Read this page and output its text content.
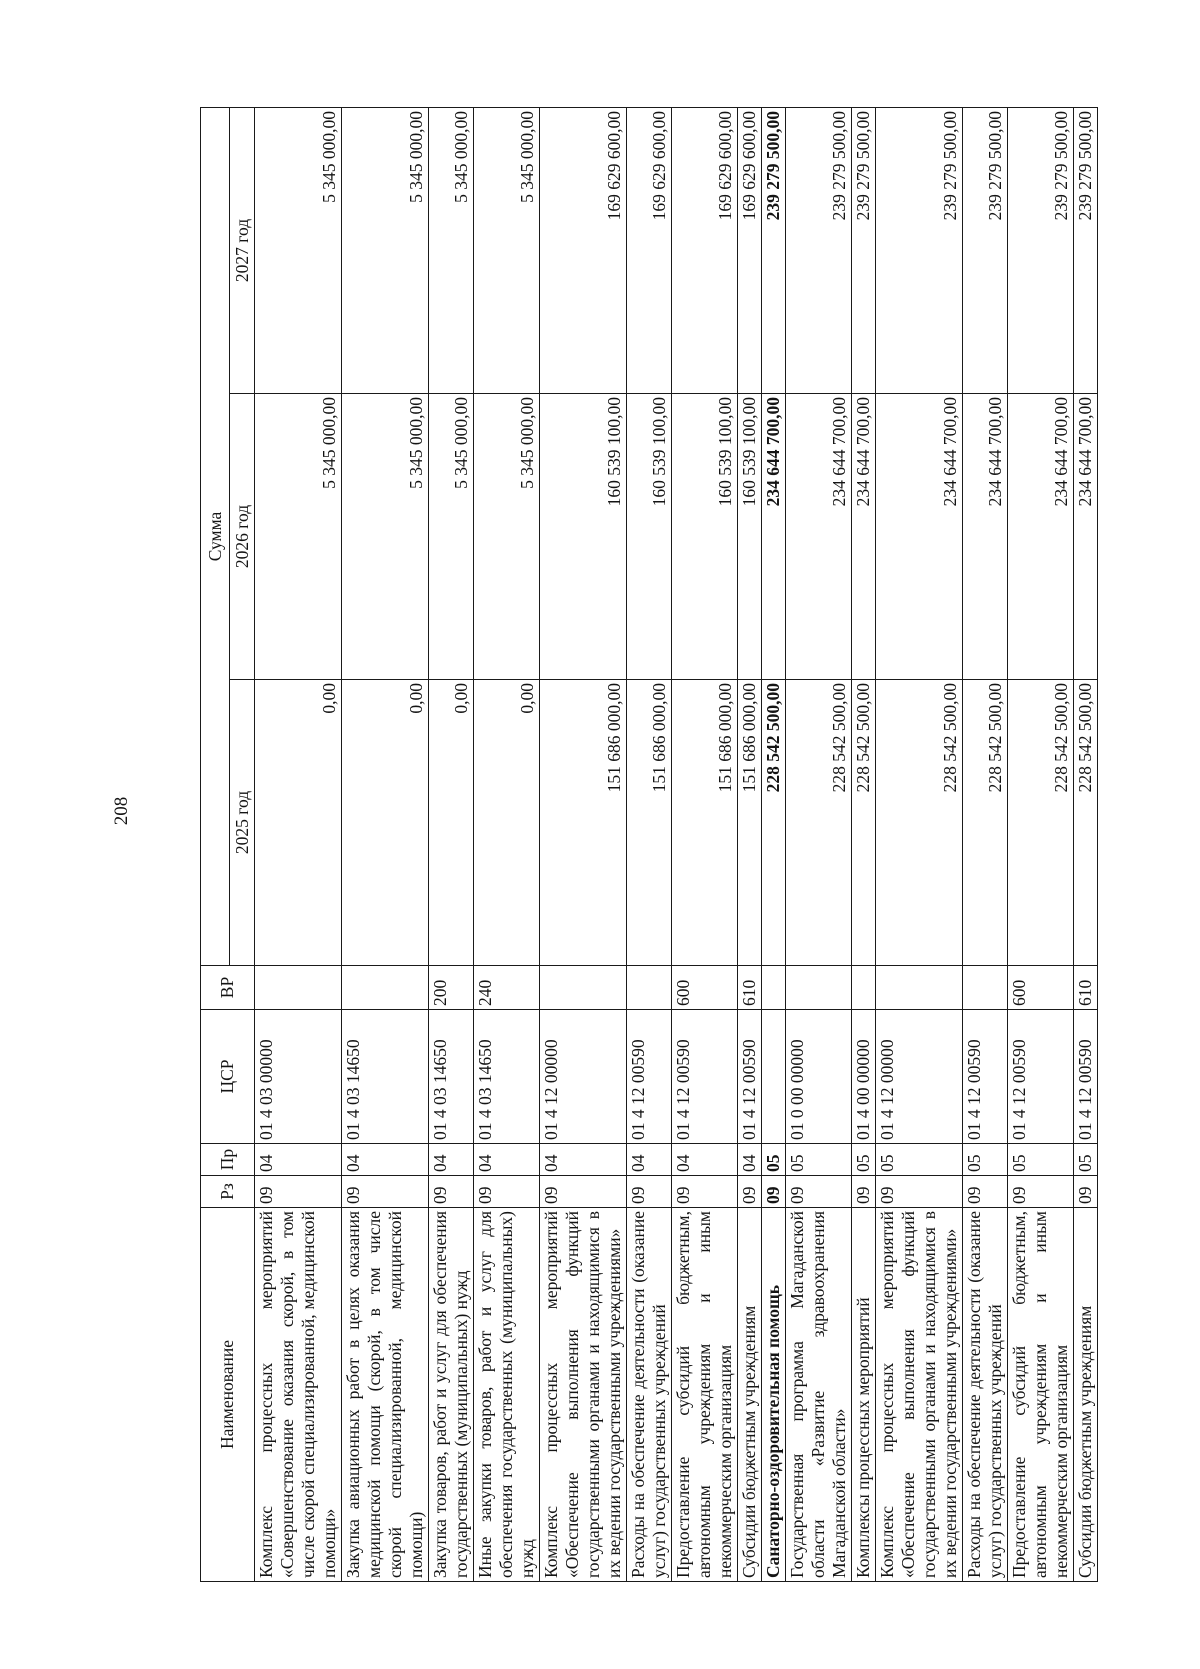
208
Наименование	Рз	Пр	ЦСР	ВР	Сумма		
					2025 год	2026 год	2027 год
Комплекс процессных мероприятий «Совершенствование оказания скорой, в том числе скорой специализированной, медицинской помощи»	09	04	01 4 03 00000		0,00	5 345 000,00	5 345 000,00
Закупка авиационных работ в целях оказания медицинской помощи (скорой, в том числе скорой специализированной, медицинской помощи)	09	04	01 4 03 14650		0,00	5 345 000,00	5 345 000,00
Закупка товаров, работ и услуг для обеспечения государственных (муниципальных) нужд	09	04	01 4 03 14650	200	0,00	5 345 000,00	5 345 000,00
Иные закупки товаров, работ и услуг для обеспечения государственных (муниципальных) нужд	09	04	01 4 03 14650	240	0,00	5 345 000,00	5 345 000,00
Комплекс процессных мероприятий «Обеспечение выполнения функций государственными органами и находящимися в их ведении государственными учреждениями»	09	04	01 4 12 00000		151 686 000,00	160 539 100,00	169 629 600,00
Расходы на обеспечение деятельности (оказание услуг) государственных учреждений	09	04	01 4 12 00590		151 686 000,00	160 539 100,00	169 629 600,00
Предоставление субсидий бюджетным, автономным учреждениям и иным некоммерческим организациям	09	04	01 4 12 00590	600	151 686 000,00	160 539 100,00	169 629 600,00
Субсидии бюджетным учреждениям	09	04	01 4 12 00590	610	151 686 000,00	160 539 100,00	169 629 600,00
Санаторно-оздоровительная помощь	09	05			228 542 500,00	234 644 700,00	239 279 500,00
Государственная программа Магаданской области «Развитие здравоохранения Магаданской области»	09	05	01 0 00 00000		228 542 500,00	234 644 700,00	239 279 500,00
Комплексы процессных мероприятий	09	05	01 4 00 00000		228 542 500,00	234 644 700,00	239 279 500,00
Комплекс процессных мероприятий «Обеспечение выполнения функций государственными органами и находящимися в их ведении государственными учреждениями»	09	05	01 4 12 00000		228 542 500,00	234 644 700,00	239 279 500,00
Расходы на обеспечение деятельности (оказание услуг) государственных учреждений	09	05	01 4 12 00590		228 542 500,00	234 644 700,00	239 279 500,00
Предоставление субсидий бюджетным, автономным учреждениям и иным некоммерческим организациям	09	05	01 4 12 00590	600	228 542 500,00	234 644 700,00	239 279 500,00
Субсидии бюджетным учреждениям	09	05	01 4 12 00590	610	228 542 500,00	234 644 700,00	239 279 500,00
